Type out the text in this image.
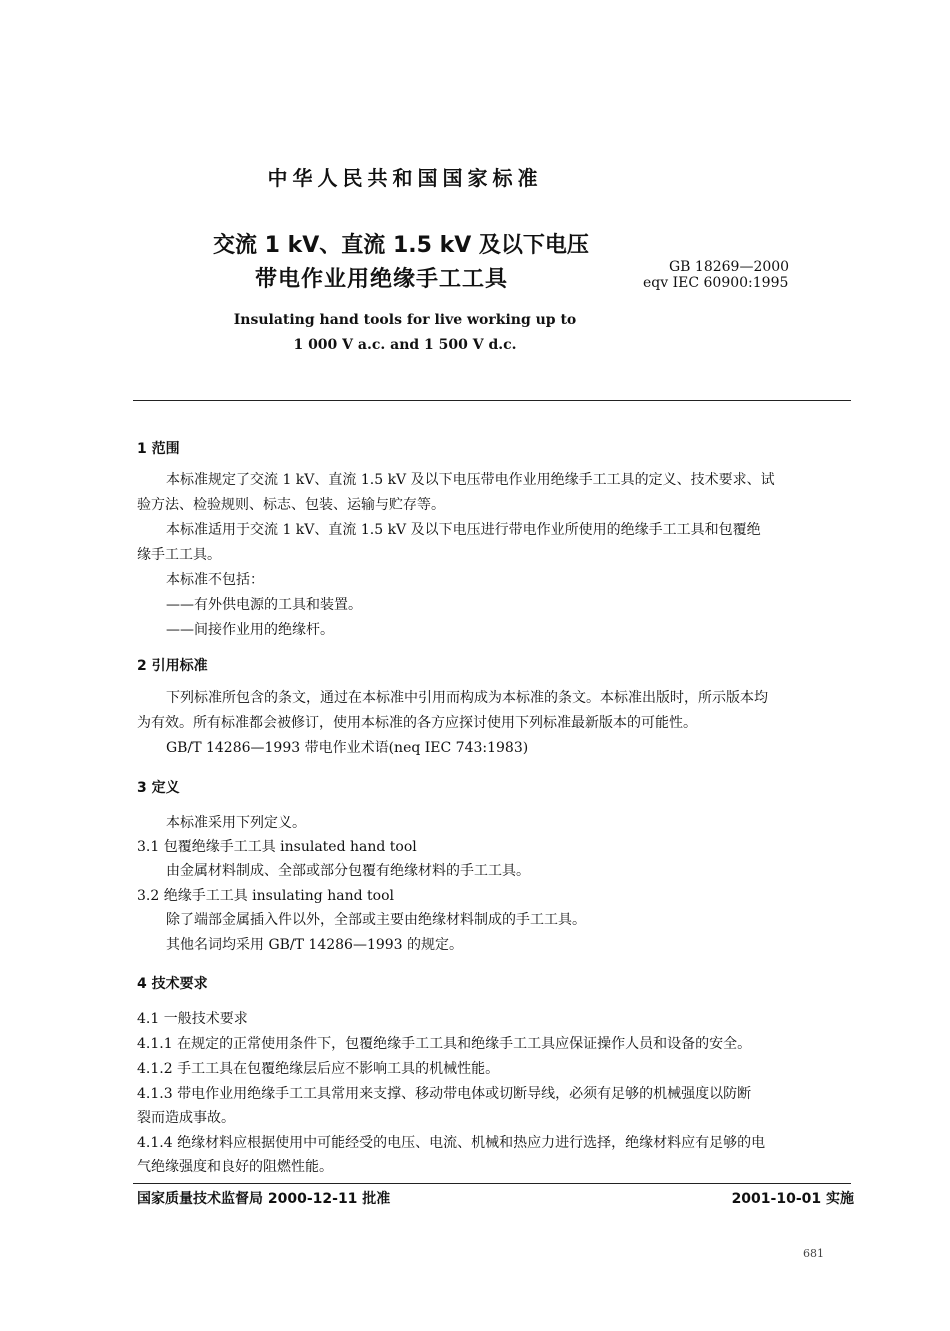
中华人民共和国国家标准
交流 1 kV、直流 1.5 kV 及以下电压
带电作业用绝缘手工工具	GB 18269—2000
eqv IEC 60900:1995
Insulating hand tools for live working up to
1 000 V a.c. and 1 500 V d.c.
1 范围
本标准规定了交流 1 kV、直流 1.5 kV 及以下电压带电作业用绝缘手工工具的定义、技术要求、试
验方法、检验规则、标志、包装、运输与贮存等。
本标准适用于交流 1 kV、直流 1.5 kV 及以下电压进行带电作业所使用的绝缘手工工具和包覆绝
缘手工工具。
本标准不包括：
——有外供电源的工具和装置。
——间接作业用的绝缘杆。
2 引用标准
下列标准所包含的条文，通过在本标准中引用而构成为本标准的条文。本标准出版时，所示版本均
为有效。所有标准都会被修订，使用本标准的各方应探讨使用下列标准最新版本的可能性。
GB/T 14286—1993 带电作业术语(neq IEC 743:1983)
3 定义
本标准采用下列定义。
3.1 包覆绝缘手工工具 insulated hand tool
由金属材料制成、全部或部分包覆有绝缘材料的手工工具。
3.2 绝缘手工工具 insulating hand tool
除了端部金属插入件以外，全部或主要由绝缘材料制成的手工工具。
其他名词均采用 GB/T 14286—1993 的规定。
4 技术要求
4.1 一般技术要求
4.1.1 在规定的正常使用条件下，包覆绝缘手工工具和绝缘手工工具应保证操作人员和设备的安全。
4.1.2 手工工具在包覆绝缘层后应不影响工具的机械性能。
4.1.3 带电作业用绝缘手工工具常用来支撑、移动带电体或切断导线，必须有足够的机械强度以防断
裂而造成事故。
4.1.4 绝缘材料应根据使用中可能经受的电压、电流、机械和热应力进行选择，绝缘材料应有足够的电
气绝缘强度和良好的阻燃性能。
国家质量技术监督局 2000-12-11 批准	2001-10-01 实施
681
